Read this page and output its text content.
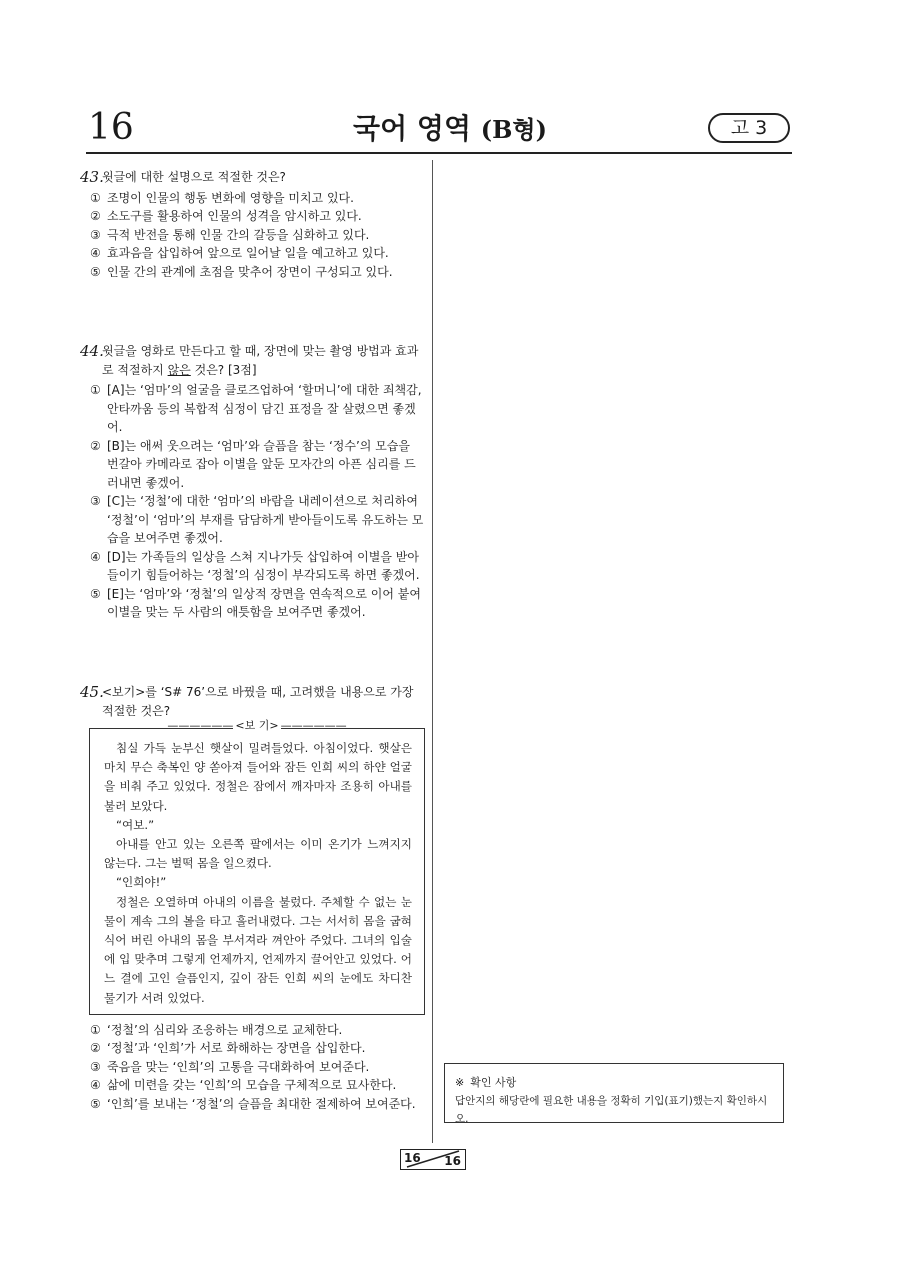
16	국어 영역 (B형)	고 3
43.
윗글에 대한 설명으로 적절한 것은?
① 조명이 인물의 행동 변화에 영향을 미치고 있다.
② 소도구를 활용하여 인물의 성격을 암시하고 있다.
③ 극적 반전을 통해 인물 간의 갈등을 심화하고 있다.
④ 효과음을 삽입하여 앞으로 일어날 일을 예고하고 있다.
⑤ 인물 간의 관계에 초점을 맞추어 장면이 구성되고 있다.
44.
윗글을 영화로 만든다고 할 때, 장면에 맞는 촬영 방법과 효과로 적절하지 않은 것은? [3점]
① [A]는 ‘엄마’의 얼굴을 클로즈업하여 ‘할머니’에 대한 죄책감, 안타까움 등의 복합적 심정이 담긴 표정을 잘 살렸으면 좋겠어.
② [B]는 애써 웃으려는 ‘엄마’와 슬픔을 참는 ‘정수’의 모습을 번갈아 카메라로 잡아 이별을 앞둔 모자간의 아픈 심리를 드러내면 좋겠어.
③ [C]는 ‘정철’에 대한 ‘엄마’의 바람을 내레이션으로 처리하여 ‘정철’이 ‘엄마’의 부재를 담담하게 받아들이도록 유도하는 모습을 보여주면 좋겠어.
④ [D]는 가족들의 일상을 스쳐 지나가듯 삽입하여 이별을 받아들이기 힘들어하는 ‘정철’의 심정이 부각되도록 하면 좋겠어.
⑤ [E]는 ‘엄마’와 ‘정철’의 일상적 장면을 연속적으로 이어 붙여 이별을 맞는 두 사람의 애틋함을 보여주면 좋겠어.
45.
<보기>를 ‘S# 76’으로 바꿨을 때, 고려했을 내용으로 가장 적절한 것은?
—————— <보 기> ——————
침실 가득 눈부신 햇살이 밀려들었다. 아침이었다. 햇살은 마치 무슨 축복인 양 쏟아져 들어와 잠든 인희 씨의 하얀 얼굴을 비춰 주고 있었다. 정철은 잠에서 깨자마자 조용히 아내를 불러 보았다.
“여보.”
아내를 안고 있는 오른쪽 팔에서는 이미 온기가 느껴지지 않는다. 그는 벌떡 몸을 일으켰다.
“인희야!”
정철은 오열하며 아내의 이름을 불렀다. 주체할 수 없는 눈물이 계속 그의 볼을 타고 흘러내렸다. 그는 서서히 몸을 굽혀 식어 버린 아내의 몸을 부서져라 껴안아 주었다. 그녀의 입술에 입 맞추며 그렇게 언제까지, 언제까지 끌어안고 있었다. 어느 결에 고인 슬픔인지, 깊이 잠든 인희 씨의 눈에도 차디찬 물기가 서려 있었다.
① ‘정철’의 심리와 조응하는 배경으로 교체한다.
② ‘정철’과 ‘인희’가 서로 화해하는 장면을 삽입한다.
③ 죽음을 맞는 ‘인희’의 고통을 극대화하여 보여준다.
④ 삶에 미련을 갖는 ‘인희’의 모습을 구체적으로 묘사한다.
⑤ ‘인희’를 보내는 ‘정철’의 슬픔을 최대한 절제하여 보여준다.
※ 확인 사항
답안지의 해당란에 필요한 내용을 정확히 기입(표기)했는지 확인하시오.
16 16
